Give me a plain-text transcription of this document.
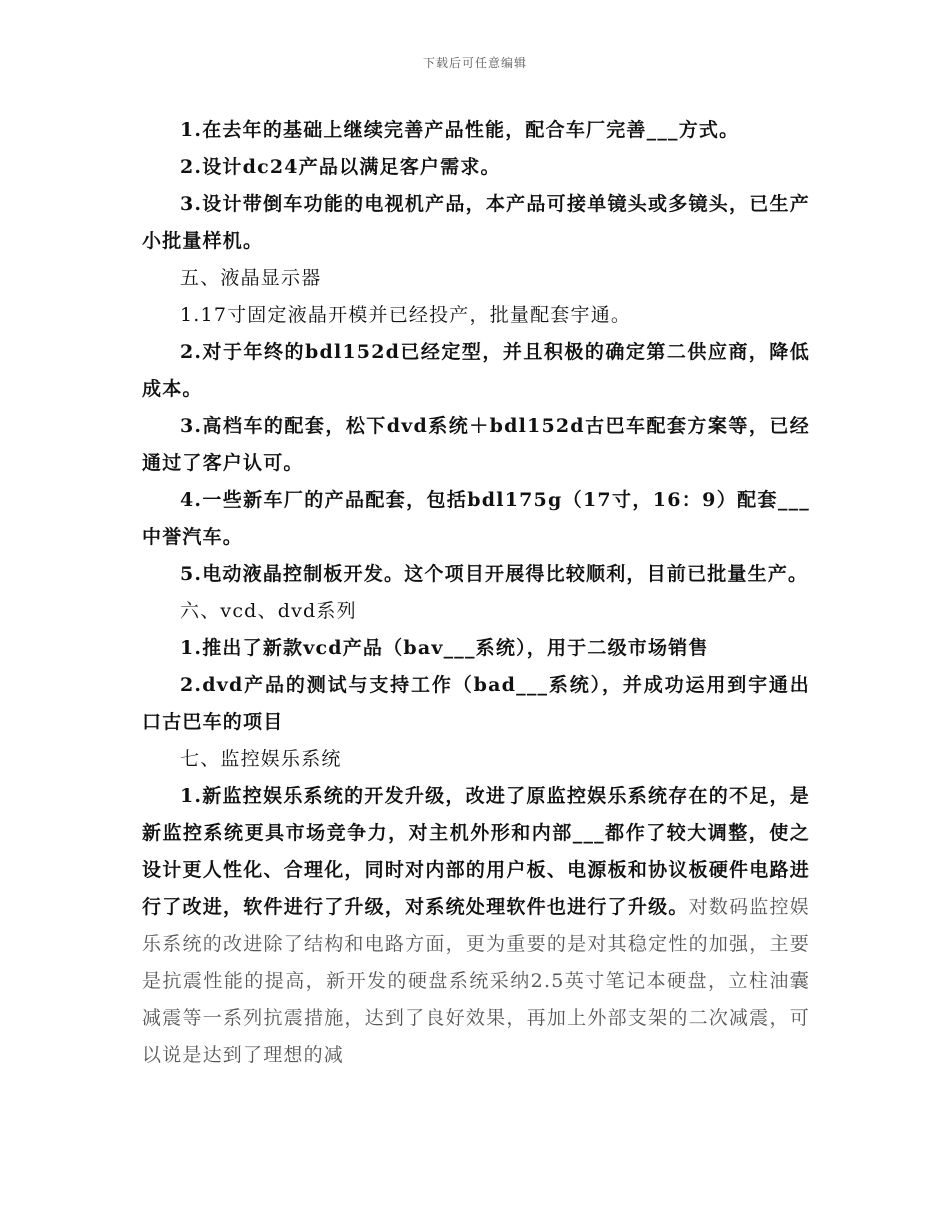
下载后可任意编辑

1.在去年的基础上继续完善产品性能，配合车厂完善___方式。

2.设计dc24产品以满足客户需求。

3.设计带倒车功能的电视机产品，本产品可接单镜头或多镜头，已生产小批量样机。

五、液晶显示器

1.17寸固定液晶开模并已经投产，批量配套宇通。

2.对于年终的bdl152d已经定型，并且积极的确定第二供应商，降低成本。

3.高档车的配套，松下dvd系统＋bdl152d古巴车配套方案等，已经通过了客户认可。

4.一些新车厂的产品配套，包括bdl175g（17寸，16：9）配套___中誉汽车。

5.电动液晶控制板开发。这个项目开展得比较顺利，目前已批量生产。

六、vcd、dvd系列

1.推出了新款vcd产品（bav___系统），用于二级市场销售

2.dvd产品的测试与支持工作（bad___系统），并成功运用到宇通出口古巴车的项目

七、监控娱乐系统

1.新监控娱乐系统的开发升级，改进了原监控娱乐系统存在的不足，是新监控系统更具市场竞争力，对主机外形和内部___都作了较大调整，使之设计更人性化、合理化，同时对内部的用户板、电源板和协议板硬件电路进行了改进，软件进行了升级，对系统处理软件也进行了升级。对数码监控娱乐系统的改进除了结构和电路方面，更为重要的是对其稳定性的加强，主要是抗震性能的提高，新开发的硬盘系统采纳2.5英寸笔记本硬盘，立柱油囊减震等一系列抗震措施，达到了良好效果，再加上外部支架的二次减震，可以说是达到了理想的减
